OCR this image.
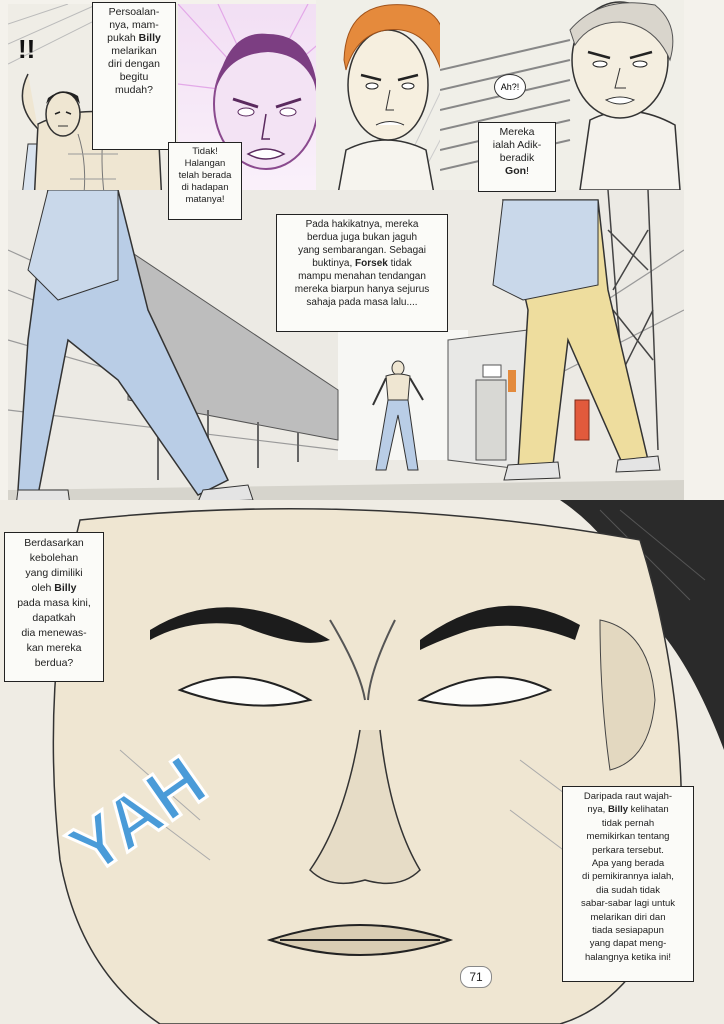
!!
Ah?!
YAH
Persoalan-
nya, mam-
pukah Billy
melarikan
diri dengan
begitu
mudah?
Tidak!
Halangan
telah berada
di hadapan
matanya!
Mereka
ialah Adik-
beradik
Gon!
Pada hakikatnya, mereka
berdua juga bukan jaguh
yang sembarangan. Sebagai
buktinya, Forsek tidak
mampu menahan tendangan
mereka biarpun hanya sejurus
sahaja pada masa lalu....
Berdasarkan
kebolehan
yang dimiliki
oleh Billy
pada masa kini,
dapatkah
dia menewas-
kan mereka
berdua?
Daripada raut wajah-
nya, Billy kelihatan
tidak pernah
memikirkan tentang
perkara tersebut.
Apa yang berada
di pemikirannya ialah,
dia sudah tidak
sabar-sabar lagi untuk
melarikan diri dan
tiada sesiapapun
yang dapat meng-
halangnya ketika ini!
71
